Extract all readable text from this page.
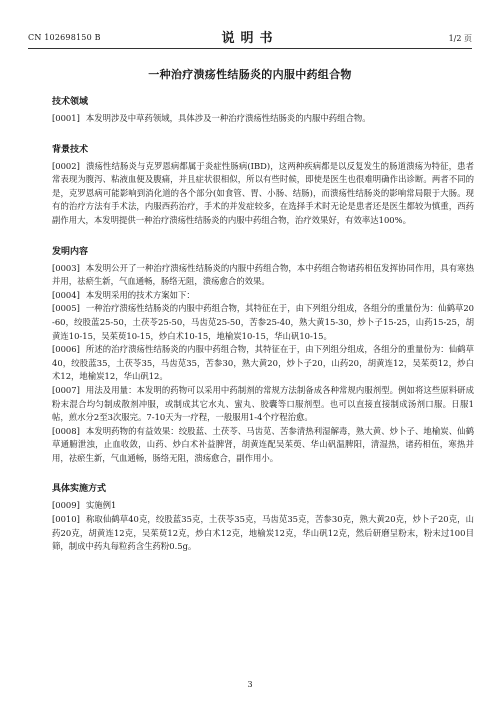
CN 102698150 B	说明书	1/2 页
一种治疗溃疡性结肠炎的内服中药组合物
技术领域

[0001] 本发明涉及中草药领域，具体涉及一种治疗溃疡性结肠炎的内服中药组合物。

背景技术

[0002] 溃疡性结肠炎与克罗恩病都属于炎症性肠病(IBD)，这两种疾病都是以反复发生的肠道溃疡为特征，患者常表现为腹泻、粘液血便及腹痛，并且症状很相似，所以有些时候，即使是医生也很难明确作出诊断。两者不同的是，克罗恩病可能影响到消化道的各个部分(如食管、胃、小肠、结肠)，而溃疡性结肠炎的影响常局限于大肠。现有的治疗方法有手术法，内服西药治疗，手术的并发症较多，在选择手术时无论是患者还是医生都较为慎重，西药副作用大，本发明提供一种治疗溃疡性结肠炎的内服中药组合物，治疗效果好，有效率达100%。

发明内容

[0003] 本发明公开了一种治疗溃疡性结肠炎的内服中药组合物，本中药组合物诸药相伍发挥协同作用，具有寒热并用，祛瘀生新，气血通畅，肠络无阻，溃疡愈合的效果。

[0004] 本发明采用的技术方案如下：

[0005] 一种治疗溃疡性结肠炎的内服中药组合物，其特征在于，由下列组分组成，各组分的重量份为：仙鹤草20-60，绞股蓝25-50，土茯苓25-50，马齿苋25-50，苦参25-40，熟大黄15-30，炒卜子15-25，山药15-25，胡黄连10-15，吴茱萸10-15，炒白术10-15，地榆炭10-15，华山矾10-15。

[0006] 所述的治疗溃疡性结肠炎的内服中药组合物，其特征在于，由下列组分组成，各组分的重量份为：仙鹤草40，绞股蓝35，土茯苓35，马齿苋35，苦参30，熟大黄20，炒卜子20，山药20，胡黄连12，吴茱萸12，炒白术12，地榆炭12，华山矾12。

[0007] 用法及用量：本发明的药物可以采用中药制剂的常规方法制备成各种常规内服剂型。例如将这些原料研成粉末混合均匀制成散剂冲服，或制成其它水丸、蜜丸、胶囊等口服剂型。也可以直接直接制成汤剂口服。日服1帖，煎水分2至3次服完。7-10天为一疗程，一般服用1-4个疗程治愈。

[0008] 本发明药物的有益效果：绞股蓝、土茯苓、马齿苋、苦参清热利湿解毒，熟大黄、炒卜子、地榆炭、仙鹤草通腑泄浊，止血收敛，山药、炒白术补益脾肾，胡黄连配吴茱萸、华山矾温脾阳，清湿热，诸药相伍，寒热并用，祛瘀生新，气血通畅，肠络无阻，溃疡愈合，副作用小。

具体实施方式

[0009] 实施例1

[0010] 称取仙鹤草40克，绞股蓝35克，土茯苓35克，马齿苋35克，苦参30克，熟大黄20克，炒卜子20克，山药20克，胡黄连12克，吴茱萸12克，炒白术12克，地榆炭12克，华山矾12克，然后研磨呈粉末，粉末过100目筛，制成中药丸每粒药含生药粉0.5g。

3
